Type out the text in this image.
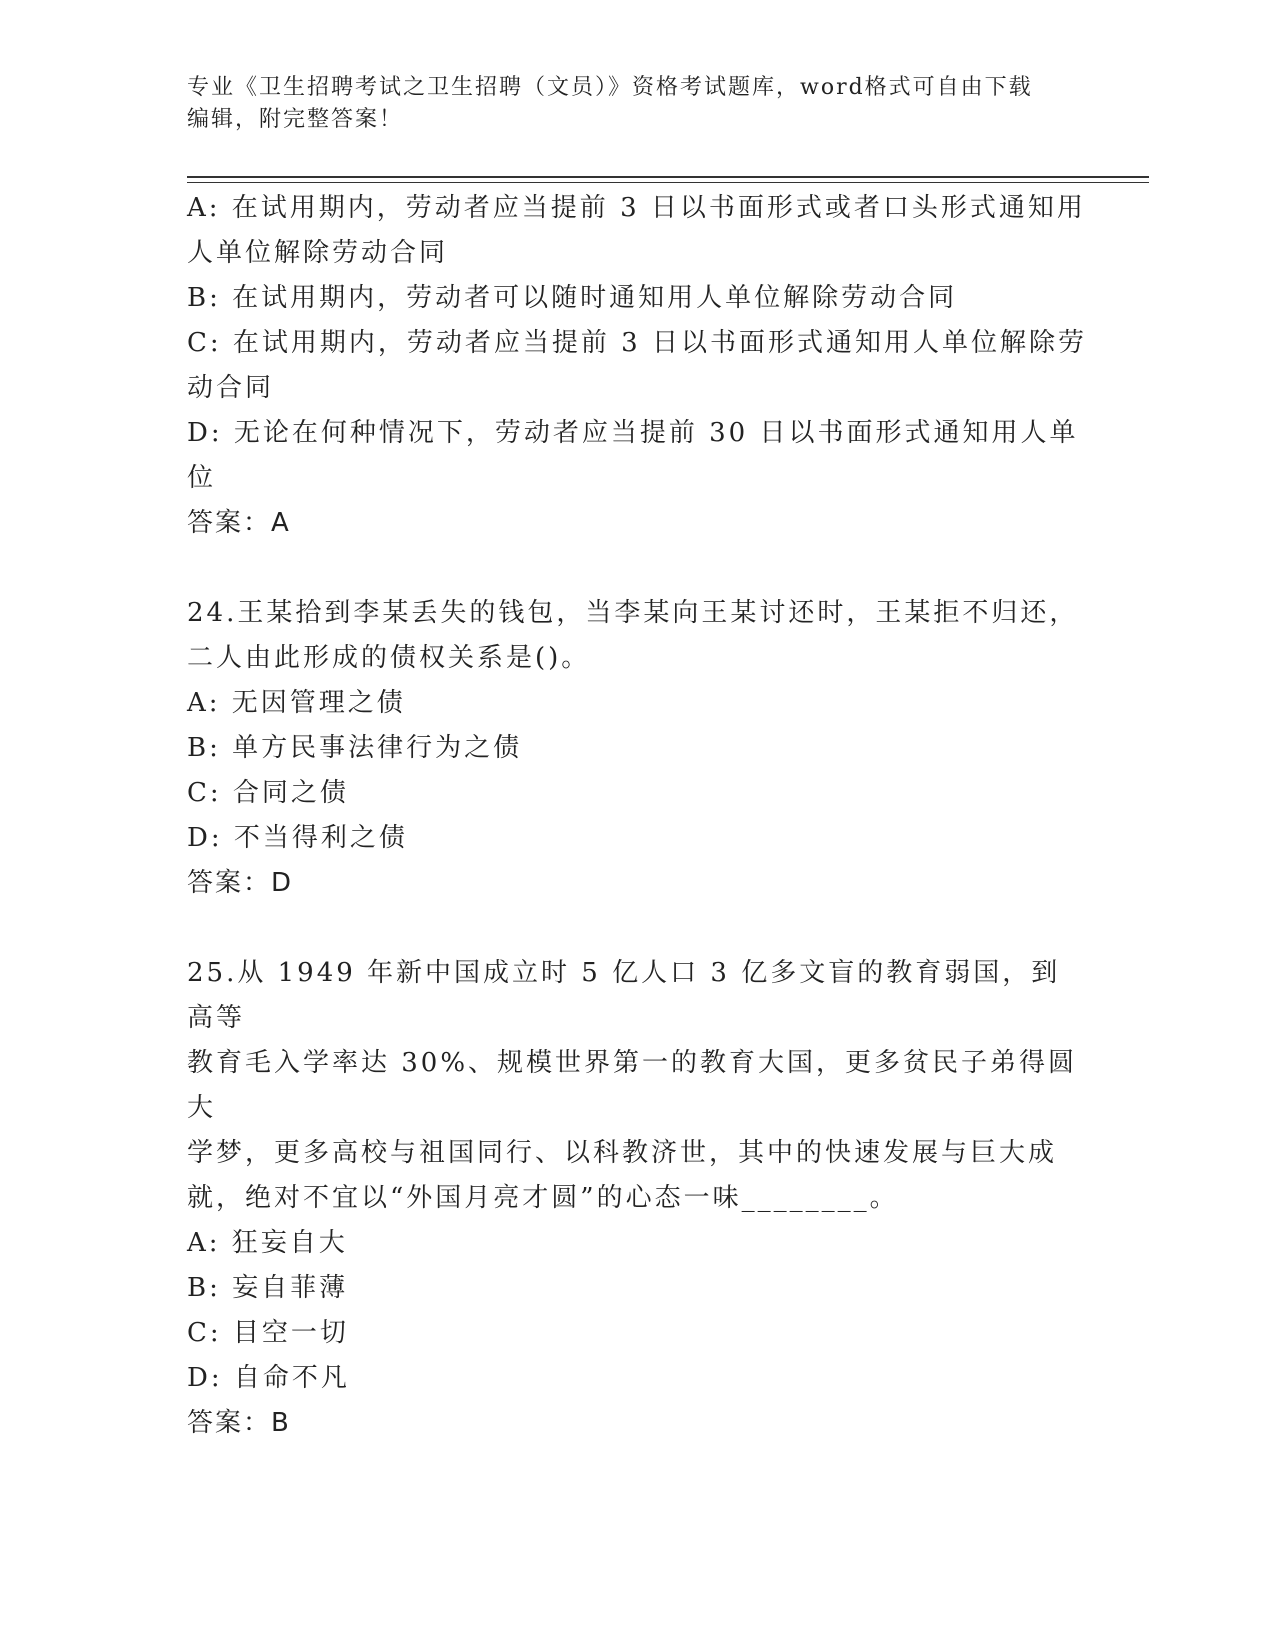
专业《卫生招聘考试之卫生招聘（文员）》资格考试题库，word格式可自由下载
编辑，附完整答案！

A: 在试用期内，劳动者应当提前 3 日以书面形式或者口头形式通知用

人单位解除劳动合同

B: 在试用期内，劳动者可以随时通知用人单位解除劳动合同

C: 在试用期内，劳动者应当提前 3 日以书面形式通知用人单位解除劳

动合同

D: 无论在何种情况下，劳动者应当提前 30 日以书面形式通知用人单

位

答案：A

24.王某拾到李某丢失的钱包，当李某向王某讨还时，王某拒不归还，

二人由此形成的债权关系是()。

A: 无因管理之债

B: 单方民事法律行为之债

C: 合同之债

D: 不当得利之债

答案：D

25.从 1949 年新中国成立时 5 亿人口 3 亿多文盲的教育弱国，到高等

教育毛入学率达 30%、规模世界第一的教育大国，更多贫民子弟得圆大

学梦，更多高校与祖国同行、以科教济世，其中的快速发展与巨大成

就，绝对不宜以“外国月亮才圆”的心态一味________。

A: 狂妄自大

B: 妄自菲薄

C: 目空一切

D: 自命不凡

答案：B
